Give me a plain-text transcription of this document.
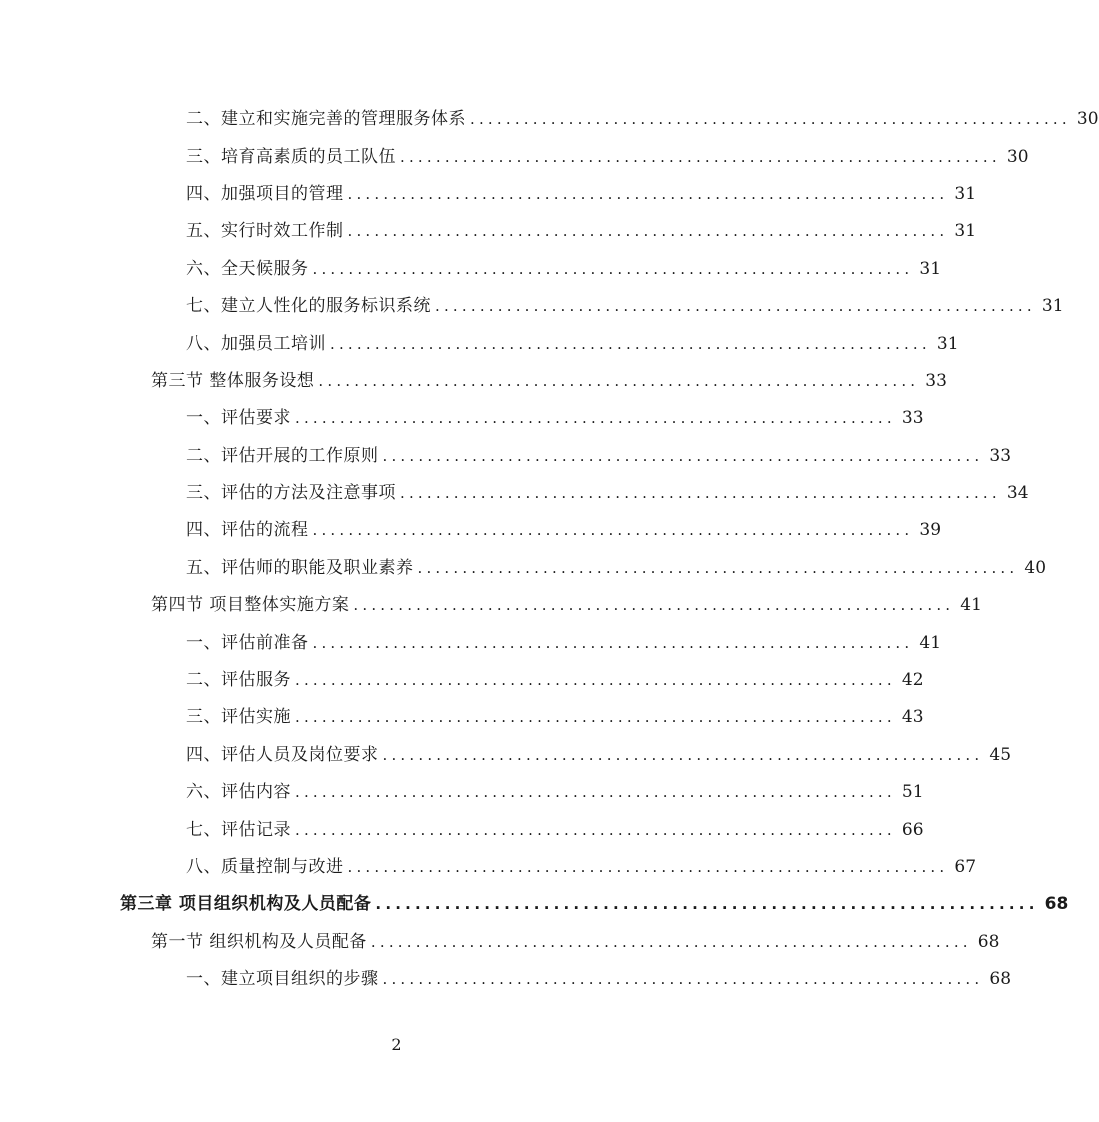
二、建立和实施完善的管理服务体系 ................................................................... 30
三、培育高素质的员工队伍 ................................................................... 30
四、加强项目的管理 ................................................................... 31
五、实行时效工作制 ................................................................... 31
六、全天候服务 ................................................................... 31
七、建立人性化的服务标识系统 ................................................................... 31
八、加强员工培训 ................................................................... 31
第三节 整体服务设想 ................................................................... 33
一、评估要求 ................................................................... 33
二、评估开展的工作原则 ................................................................... 33
三、评估的方法及注意事项 ................................................................... 34
四、评估的流程 ................................................................... 39
五、评估师的职能及职业素养 ................................................................... 40
第四节 项目整体实施方案 ................................................................... 41
一、评估前准备 ................................................................... 41
二、评估服务 ................................................................... 42
三、评估实施 ................................................................... 43
四、评估人员及岗位要求 ................................................................... 45
六、评估内容 ................................................................... 51
七、评估记录 ................................................................... 66
八、质量控制与改进 ................................................................... 67
第三章 项目组织机构及人员配备 ................................................................... 68
第一节 组织机构及人员配备 ................................................................... 68
一、建立项目组织的步骤 ................................................................... 68
2
